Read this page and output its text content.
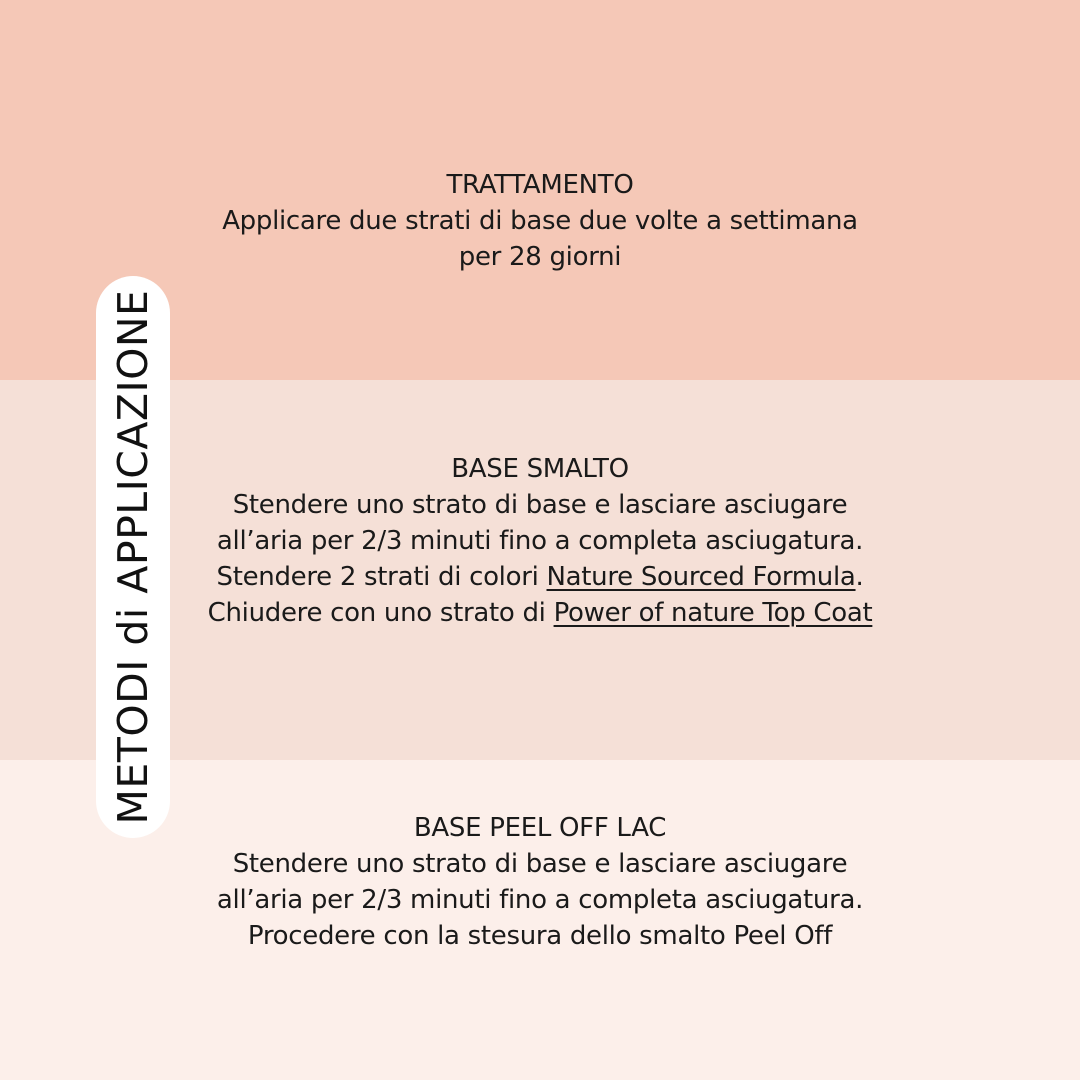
TRATTAMENTO
Applicare due strati di base due volte a settimana
per 28 giorni
BASE SMALTO
Stendere uno strato di base e lasciare asciugare
all’aria per 2/3 minuti fino a completa asciugatura.
Stendere 2 strati di colori Nature Sourced Formula.
Chiudere con uno strato di Power of nature Top Coat
BASE PEEL OFF LAC
Stendere uno strato di base e lasciare asciugare
all’aria per 2/3 minuti fino a completa asciugatura.
Procedere con la stesura dello smalto Peel Off
METODI di APPLICAZIONE
